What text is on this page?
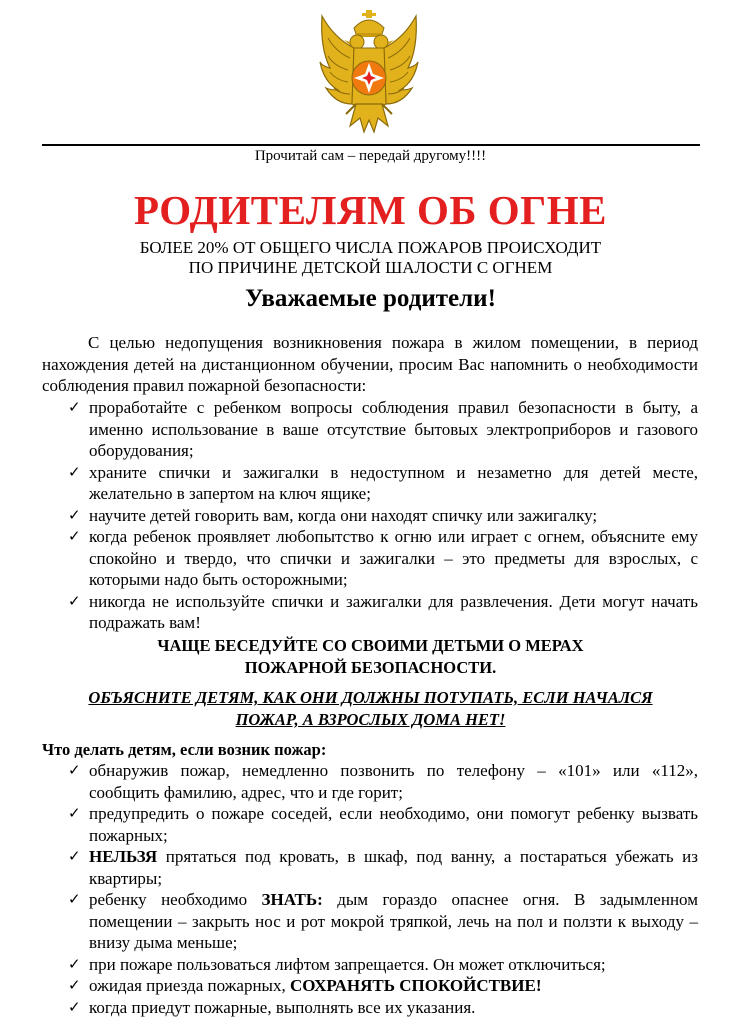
Прочитай сам – передай другому!!!!
РОДИТЕЛЯМ ОБ ОГНЕ
БОЛЕЕ 20% ОТ ОБЩЕГО ЧИСЛА ПОЖАРОВ ПРОИСХОДИТ
ПО ПРИЧИНЕ ДЕТСКОЙ ШАЛОСТИ С ОГНЕМ
Уважаемые родители!

С целью недопущения возникновения пожара в жилом помещении, в период нахождения детей на дистанционном обучении, просим Вас напомнить о необходимости соблюдения правил пожарной безопасности:

✓ проработайте с ребенком вопросы соблюдения правил безопасности в быту, а именно использование в ваше отсутствие бытовых электроприборов и газового оборудования;
✓ храните спички и зажигалки в недоступном и незаметно для детей месте, желательно в запертом на ключ ящике;
✓ научите детей говорить вам, когда они находят спичку или зажигалку;
✓ когда ребенок проявляет любопытство к огню или играет с огнем, объясните ему спокойно и твердо, что спички и зажигалки – это предметы для взрослых, с которыми надо быть осторожными;
✓ никогда не используйте спички и зажигалки для развлечения. Дети могут начать подражать вам!
ЧАЩЕ БЕСЕДУЙТЕ СО СВОИМИ ДЕТЬМИ О МЕРАХ
ПОЖАРНОЙ БЕЗОПАСНОСТИ.
ОБЪЯСНИТЕ ДЕТЯМ, КАК ОНИ ДОЛЖНЫ ПОТУПАТЬ, ЕСЛИ НАЧАЛСЯ
ПОЖАР, А ВЗРОСЛЫХ ДОМА НЕТ!
Что делать детям, если возник пожар:
✓ обнаружив пожар, немедленно позвонить по телефону – «101» или «112», сообщить фамилию, адрес, что и где горит;
✓ предупредить о пожаре соседей, если необходимо, они помогут ребенку вызвать пожарных;
✓ НЕЛЬЗЯ прятаться под кровать, в шкаф, под ванну, а постараться убежать из квартиры;
✓ ребенку необходимо ЗНАТЬ: дым гораздо опаснее огня. В задымленном помещении – закрыть нос и рот мокрой тряпкой, лечь на пол и ползти к выходу – внизу дыма меньше;
✓ при пожаре пользоваться лифтом запрещается. Он может отключиться;
✓ ожидая приезда пожарных, СОХРАНЯТЬ СПОКОЙСТВИЕ!
✓ когда приедут пожарные, выполнять все их указания.
